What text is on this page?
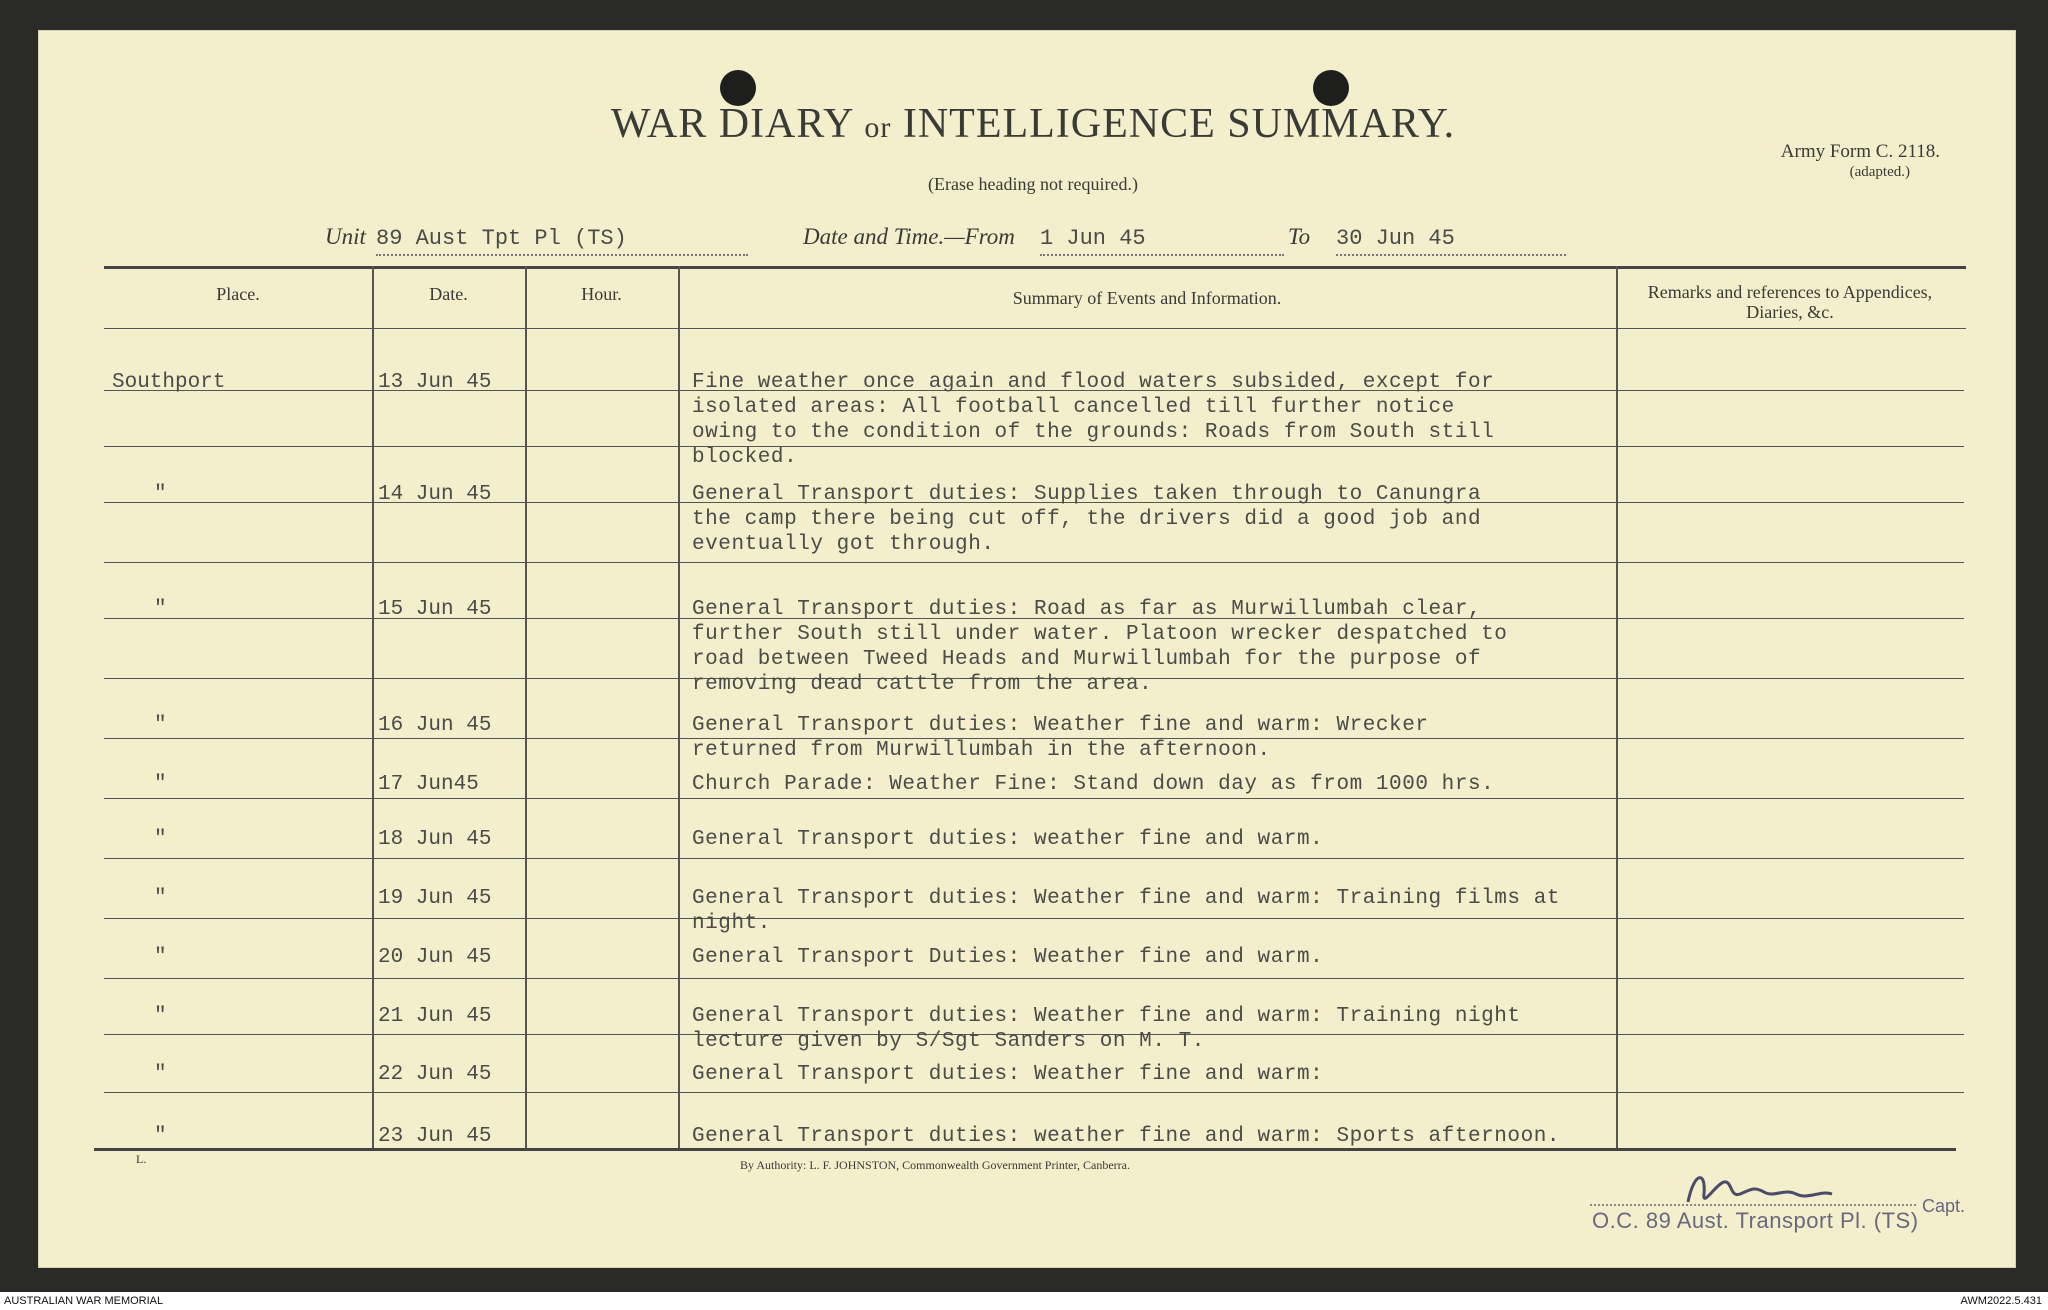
WAR DIARY or INTELLIGENCE SUMMARY.
(Erase heading not required.)
Army Form C. 2118.
(adapted.)
Unit 89 Aust Tpt Pl (TS)	Date and Time.—From 1 Jun 45	To 30 Jun 45
Place.	Date.	Hour.	Summary of Events and Information.	Remarks and references to Appendices, Diaries, &c.
Southport	13 Jun 45	Fine weather once again and flood waters subsided, except for
isolated areas: All football cancelled till further notice
owing to the condition of the grounds: Roads from South still
blocked.
"	14 Jun 45	General Transport duties: Supplies taken through to Canungra
the camp there being cut off, the drivers did a good job and
eventually got through.
"	15 Jun 45	General Transport duties: Road as far as Murwillumbah clear,
further South still under water. Platoon wrecker despatched to
road between Tweed Heads and Murwillumbah for the purpose of
removing dead cattle from the area.
"	16 Jun 45	General Transport duties: Weather fine and warm: Wrecker
returned from Murwillumbah in the afternoon.
"	17 Jun45	Church Parade: Weather Fine: Stand down day as from 1000 hrs.
"	18 Jun 45	General Transport duties: weather fine and warm.
"	19 Jun 45	General Transport duties: Weather fine and warm: Training films at
night.
"	20 Jun 45	General Transport Duties: Weather fine and warm.
"	21 Jun 45	General Transport duties: Weather fine and warm: Training night
lecture given by S/Sgt Sanders on M. T.
"	22 Jun 45	General Transport duties: Weather fine and warm:
"	23 Jun 45	General Transport duties: weather fine and warm: Sports afternoon.
L.	By Authority: L. F. JOHNSTON, Commonwealth Government Printer, Canberra.
Capt.
O.C. 89 Aust. Transport Pl. (TS)
AUSTRALIAN WAR MEMORIAL	AWM2022.5.431
